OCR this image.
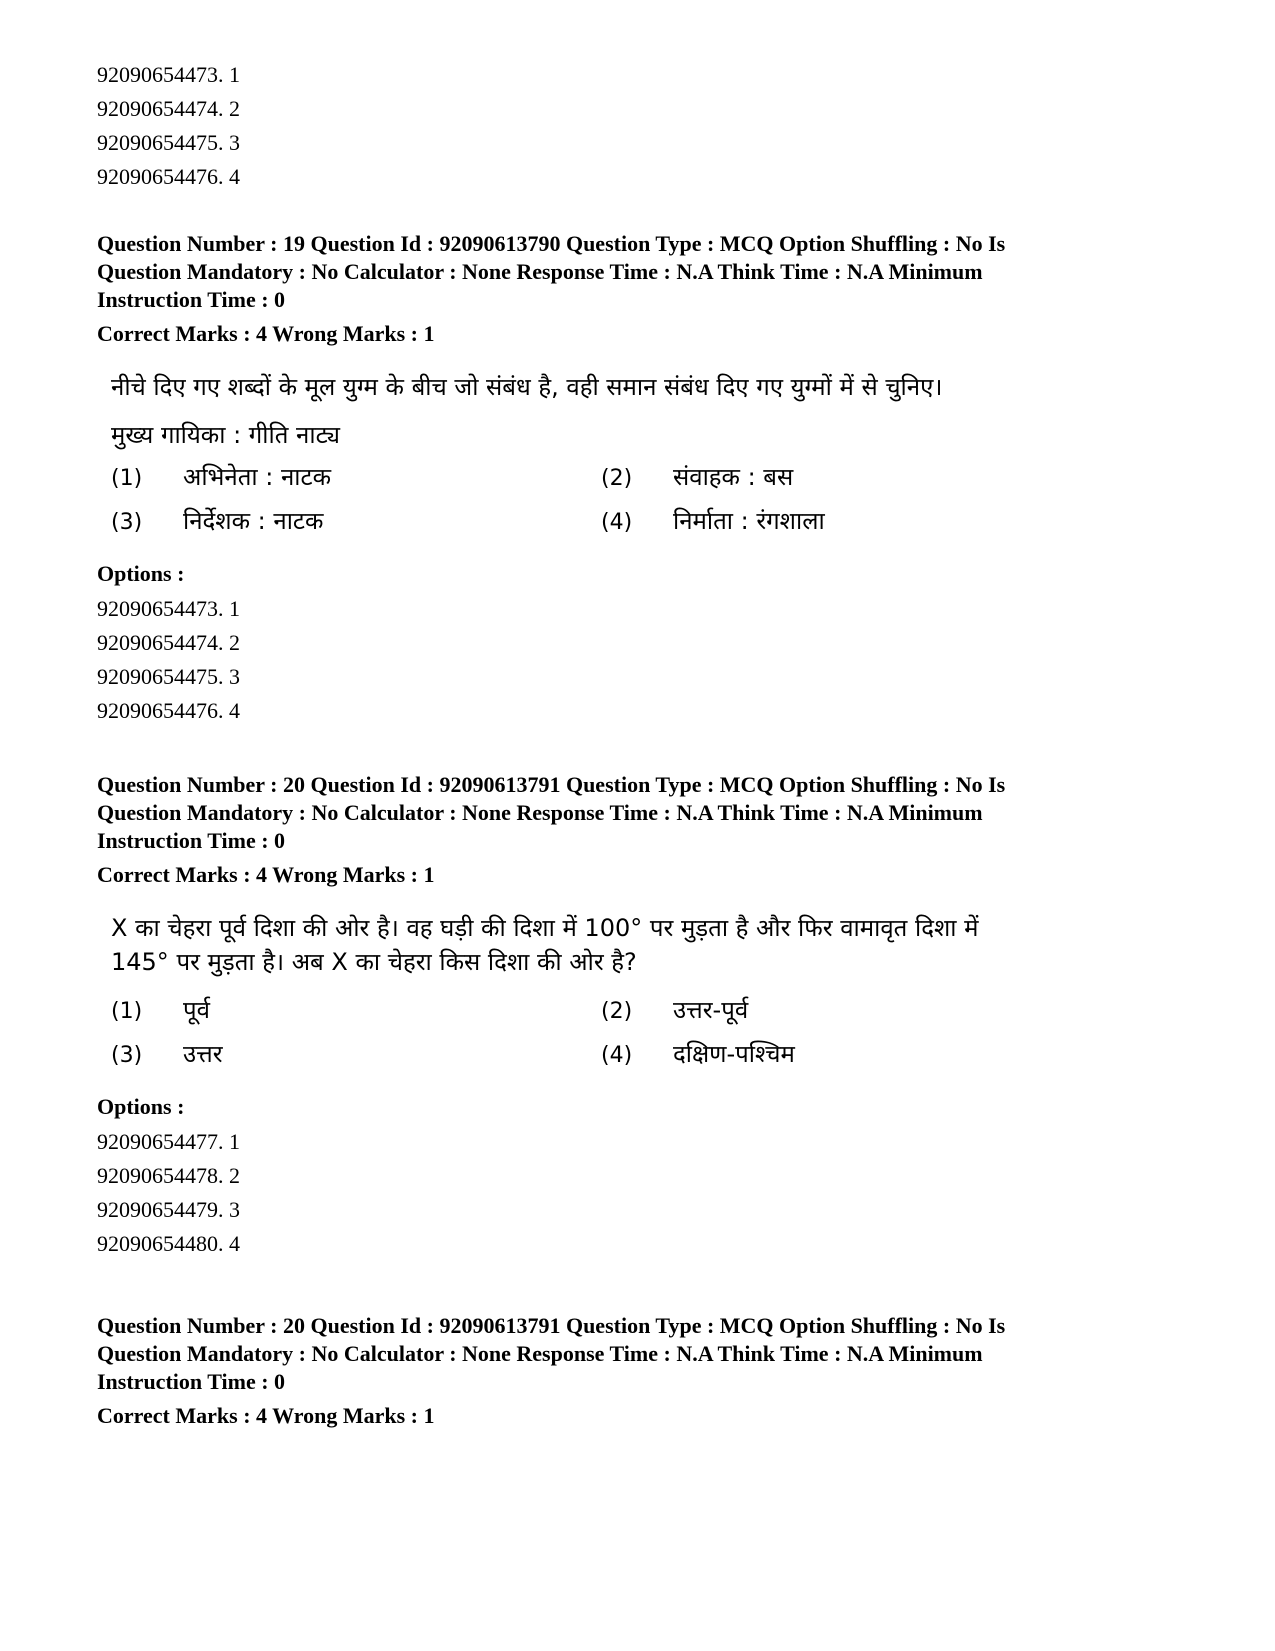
92090654473. 1
92090654474. 2
92090654475. 3
92090654476. 4
Question Number : 19 Question Id : 92090613790 Question Type : MCQ Option Shuffling : No Is
Question Mandatory : No Calculator : None Response Time : N.A Think Time : N.A Minimum
Instruction Time : 0
Correct Marks : 4 Wrong Marks : 1
नीचे दिए गए शब्दों के मूल युग्म के बीच जो संबंध है, वही समान संबंध दिए गए युग्मों में से चुनिए।
मुख्य गायिका : गीति नाट्य
(1)	अभिनेता : नाटक	(2)	संवाहक : बस
(3)	निर्देशक : नाटक	(4)	निर्माता : रंगशाला
Options :
92090654473. 1
92090654474. 2
92090654475. 3
92090654476. 4
Question Number : 20 Question Id : 92090613791 Question Type : MCQ Option Shuffling : No Is
Question Mandatory : No Calculator : None Response Time : N.A Think Time : N.A Minimum
Instruction Time : 0
Correct Marks : 4 Wrong Marks : 1
X का चेहरा पूर्व दिशा की ओर है। वह घड़ी की दिशा में 100° पर मुड़ता है और फिर वामावृत दिशा में
145° पर मुड़ता है। अब X का चेहरा किस दिशा की ओर है?
(1)	पूर्व	(2)	उत्तर-पूर्व
(3)	उत्तर	(4)	दक्षिण-पश्चिम
Options :
92090654477. 1
92090654478. 2
92090654479. 3
92090654480. 4
Question Number : 20 Question Id : 92090613791 Question Type : MCQ Option Shuffling : No Is
Question Mandatory : No Calculator : None Response Time : N.A Think Time : N.A Minimum
Instruction Time : 0
Correct Marks : 4 Wrong Marks : 1
